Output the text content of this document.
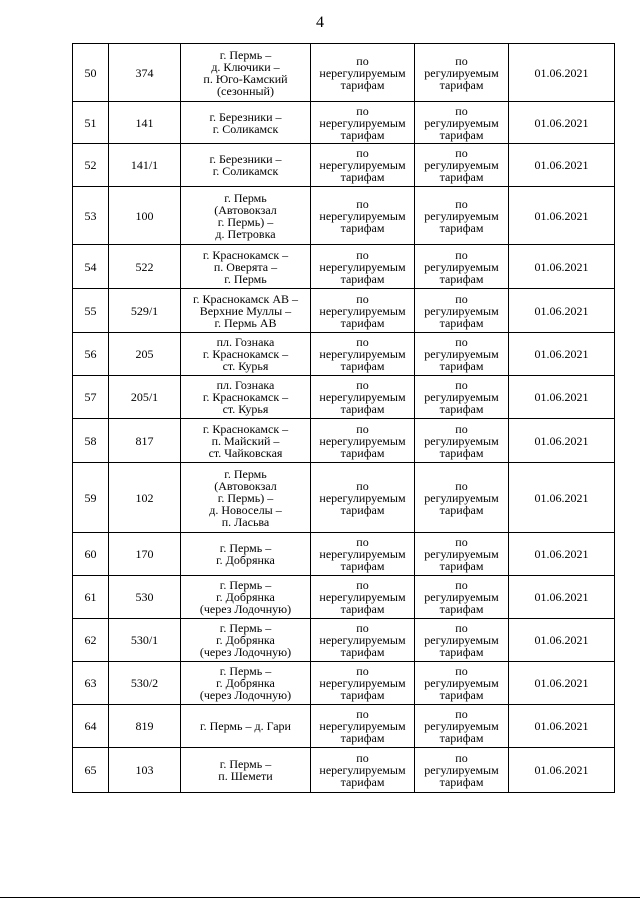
4
50	374	г. Пермь –
д. Ключики –
п. Юго-Камский
(сезонный)	по
нерегулируемым
тарифам	по
регулируемым
тарифам	01.06.2021
51	141	г. Березники –
г. Соликамск	по
нерегулируемым
тарифам	по
регулируемым
тарифам	01.06.2021
52	141/1	г. Березники –
г. Соликамск	по
нерегулируемым
тарифам	по
регулируемым
тарифам	01.06.2021
53	100	г. Пермь
(Автовокзал
г. Пермь) –
д. Петровка	по
нерегулируемым
тарифам	по
регулируемым
тарифам	01.06.2021
54	522	г. Краснокамск –
п. Оверята –
г. Пермь	по
нерегулируемым
тарифам	по
регулируемым
тарифам	01.06.2021
55	529/1	г. Краснокамск АВ –
Верхние Муллы –
г. Пермь АВ	по
нерегулируемым
тарифам	по
регулируемым
тарифам	01.06.2021
56	205	пл. Гознака
г. Краснокамск –
ст. Курья	по
нерегулируемым
тарифам	по
регулируемым
тарифам	01.06.2021
57	205/1	пл. Гознака
г. Краснокамск –
ст. Курья	по
нерегулируемым
тарифам	по
регулируемым
тарифам	01.06.2021
58	817	г. Краснокамск –
п. Майский –
ст. Чайковская	по
нерегулируемым
тарифам	по
регулируемым
тарифам	01.06.2021
59	102	г. Пермь
(Автовокзал
г. Пермь) –
д. Новоселы –
п. Ласьва	по
нерегулируемым
тарифам	по
регулируемым
тарифам	01.06.2021
60	170	г. Пермь –
г. Добрянка	по
нерегулируемым
тарифам	по
регулируемым
тарифам	01.06.2021
61	530	г. Пермь –
г. Добрянка
(через Лодочную)	по
нерегулируемым
тарифам	по
регулируемым
тарифам	01.06.2021
62	530/1	г. Пермь –
г. Добрянка
(через Лодочную)	по
нерегулируемым
тарифам	по
регулируемым
тарифам	01.06.2021
63	530/2	г. Пермь –
г. Добрянка
(через Лодочную)	по
нерегулируемым
тарифам	по
регулируемым
тарифам	01.06.2021
64	819	г. Пермь – д. Гари	по
нерегулируемым
тарифам	по
регулируемым
тарифам	01.06.2021
65	103	г. Пермь –
п. Шемети	по
нерегулируемым
тарифам	по
регулируемым
тарифам	01.06.2021
